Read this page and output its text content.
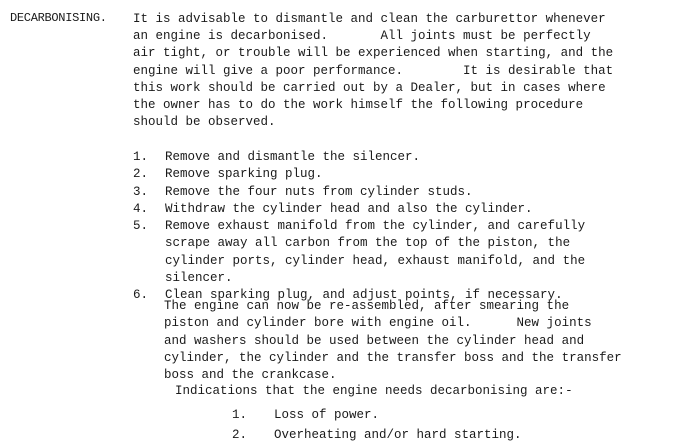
DECARBONISING. It is advisable to dismantle and clean the carburettor whenever
an engine is decarbonised.       All joints must be perfectly
air tight, or trouble will be experienced when starting, and the
engine will give a poor performance.        It is desirable that
this work should be carried out by a Dealer, but in cases where
the owner has to do the work himself the following procedure
should be observed.

1. Remove and dismantle the silencer.
2. Remove sparking plug.
3. Remove the four nuts from cylinder studs.
4. Withdraw the cylinder head and also the cylinder.
5. Remove exhaust manifold from the cylinder, and carefully
scrape away all carbon from the top of the piston, the
cylinder ports, cylinder head, exhaust manifold, and the
silencer.
6. Clean sparking plug, and adjust points, if necessary.

The engine can now be re-assembled, after smearing the
piston and cylinder bore with engine oil.      New joints
and washers should be used between the cylinder head and
cylinder, the cylinder and the transfer boss and the transfer
boss and the crankcase.

Indications that the engine needs decarbonising are:-

1. Loss of power.
2. Overheating and/or hard starting.
